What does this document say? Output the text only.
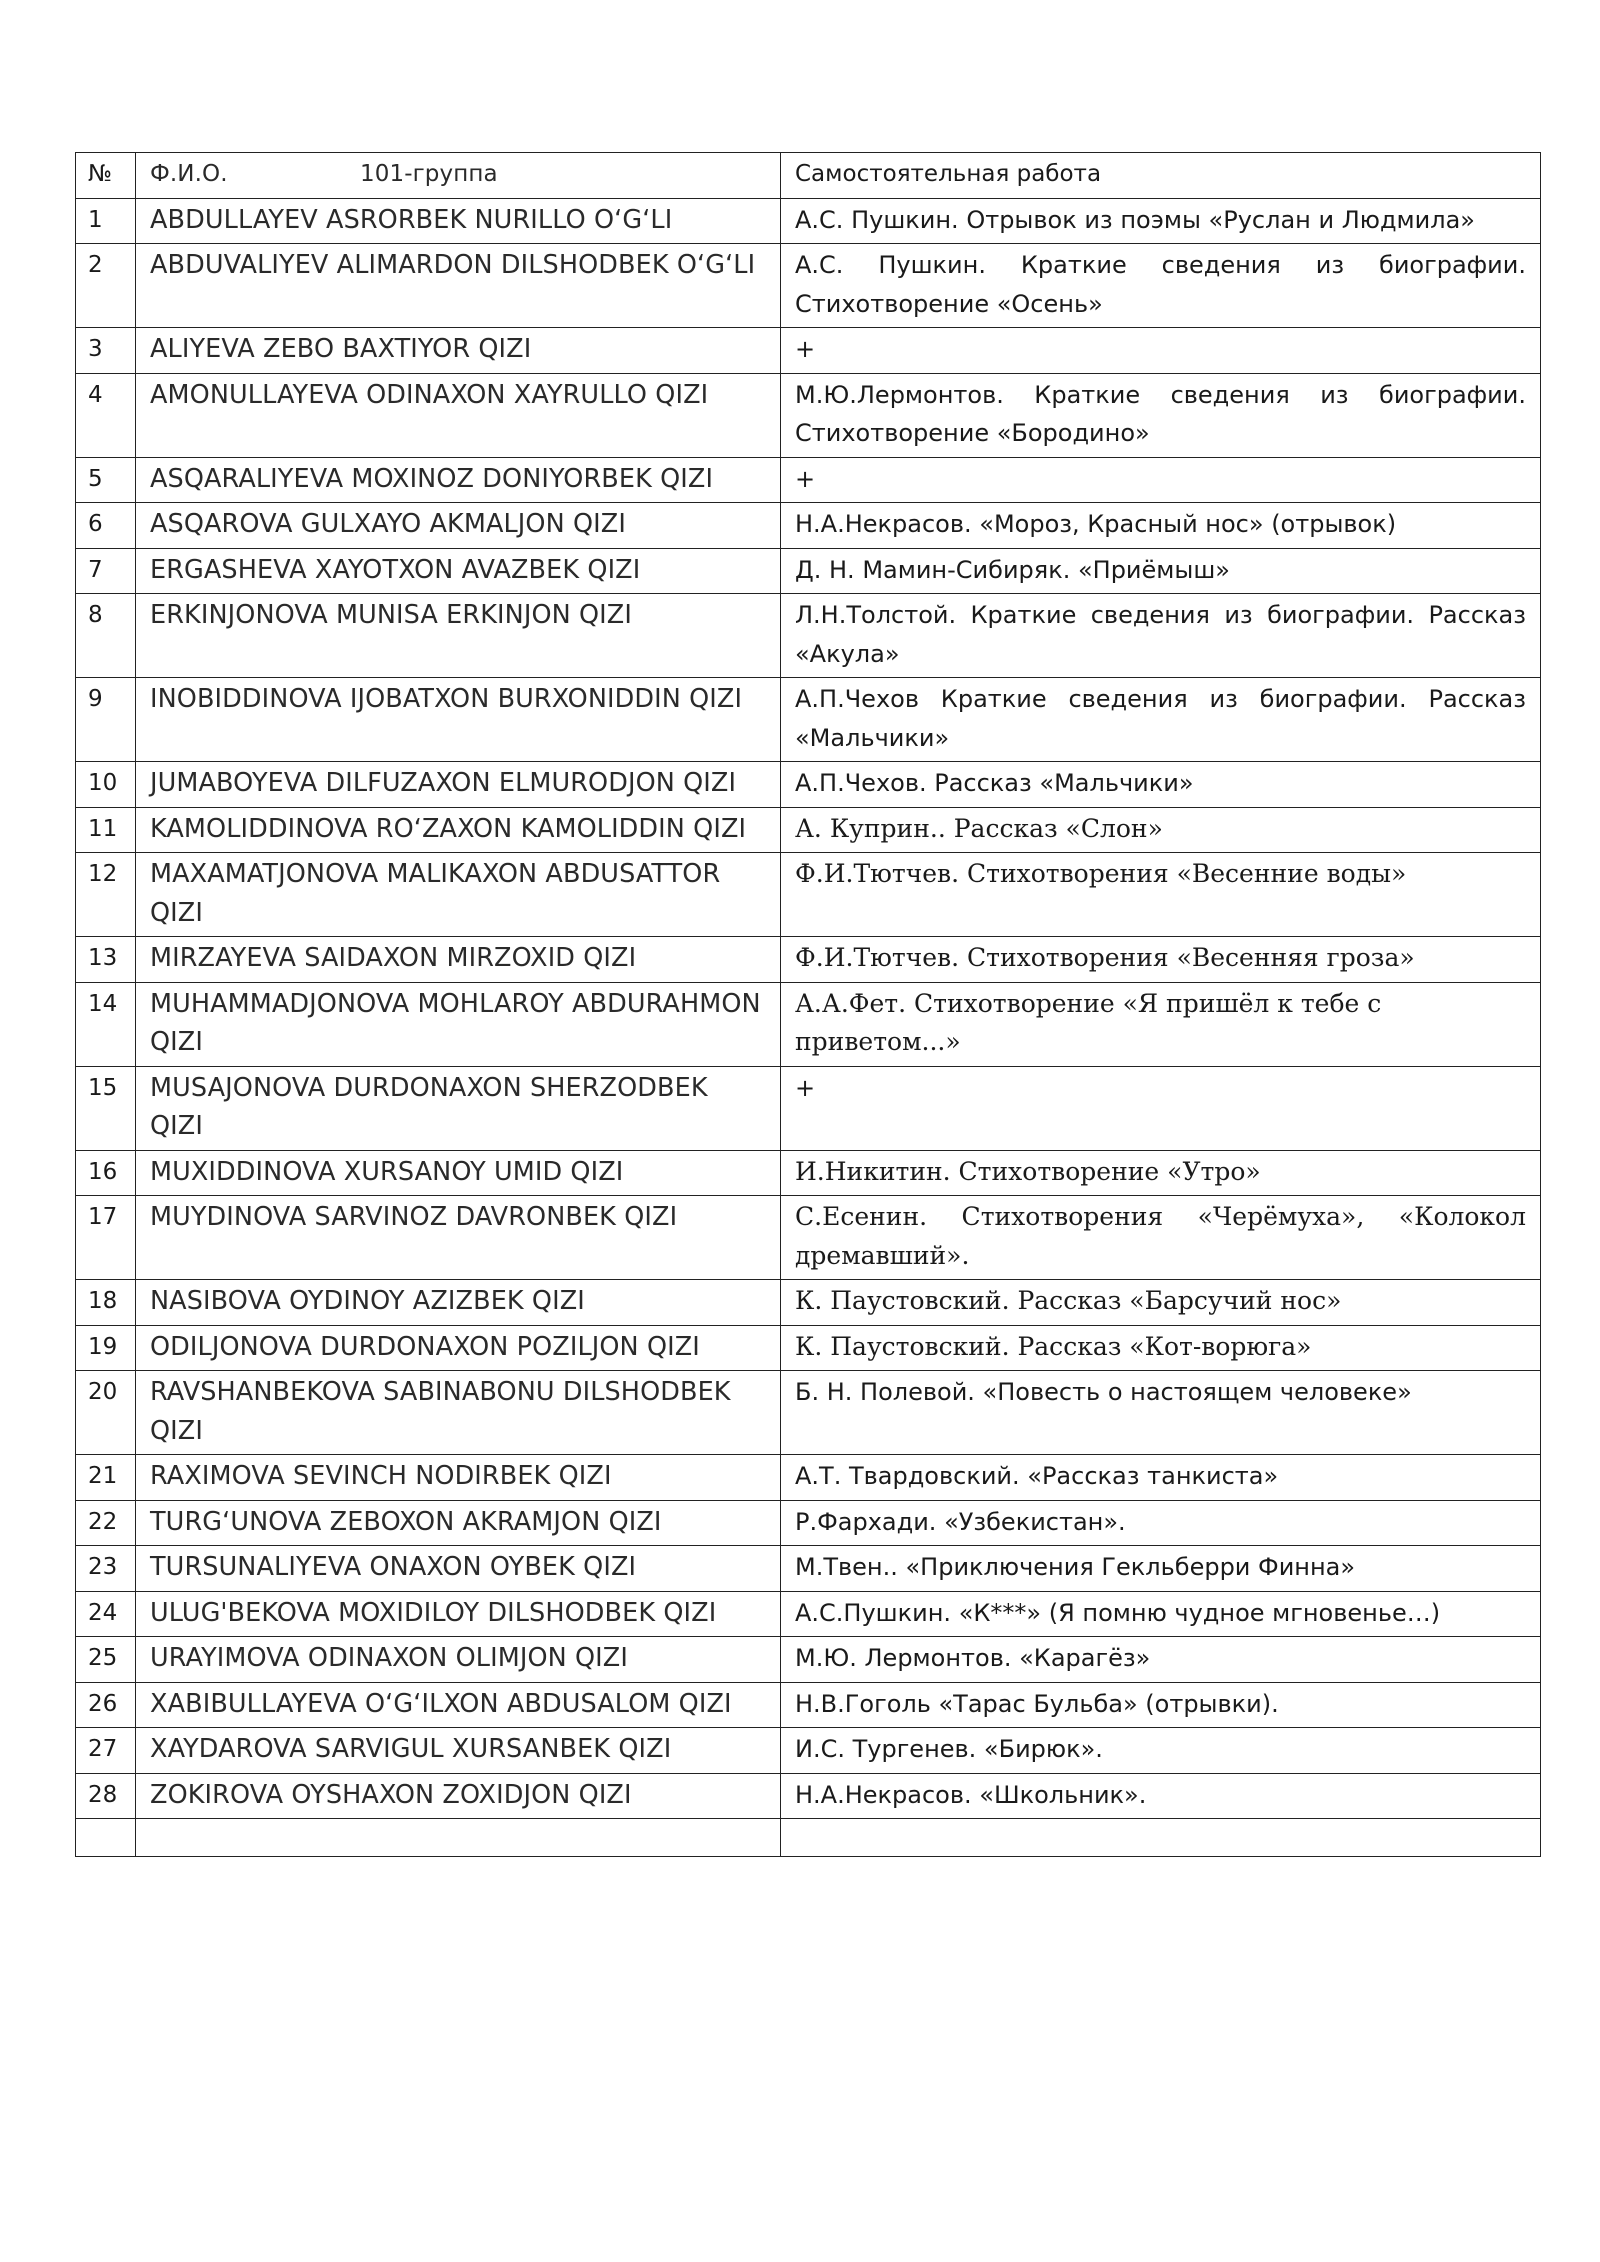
№	Ф.И.О. 101-группа	Самостоятельная работа
1	ABDULLAYEV ASRORBEK NURILLO O‘G‘LI	А.С. Пушкин. Отрывок из поэмы «Руслан и Людмила»
2	ABDUVALIYEV ALIMARDON DILSHODBEK O‘G‘LI	А.С. Пушкин. Краткие сведения из биографии. Стихотворение «Осень»
3	ALIYEVA ZEBO BAXTIYOR QIZI	+
4	AMONULLAYEVA ODINAXON XAYRULLO QIZI	М.Ю.Лермонтов. Краткие сведения из биографии. Стихотворение «Бородино»
5	ASQARALIYEVA MOXINOZ DONIYORBEK QIZI	+
6	ASQAROVA GULXAYO AKMALJON QIZI	Н.А.Некрасов. «Мороз, Красный нос» (отрывок)
7	ERGASHEVA XAYOTXON AVAZBEK QIZI	Д. Н. Мамин-Сибиряк. «Приёмыш»
8	ERKINJONOVA MUNISA ERKINJON QIZI	Л.Н.Толстой. Краткие сведения из биографии. Рассказ «Акула»
9	INOBIDDINOVA IJOBATXON BURXONIDDIN QIZI	А.П.Чехов Краткие сведения из биографии. Рассказ «Мальчики»
10	JUMABOYEVA DILFUZAXON ELMURODJON QIZI	А.П.Чехов. Рассказ «Мальчики»
11	KAMOLIDDINOVA RO‘ZAXON KAMOLIDDIN QIZI	А. Куприн.. Рассказ «Слон»
12	MAXAMATJONOVA MALIKAXON ABDUSATTOR QIZI	Ф.И.Тютчев. Стихотворения «Весенние воды»
13	MIRZAYEVA SAIDAXON MIRZOXID QIZI	Ф.И.Тютчев. Стихотворения «Весенняя гроза»
14	MUHAMMADJONOVA MOHLAROY ABDURAHMON QIZI	А.А.Фет. Стихотворение «Я пришёл к тебе с приветом...»
15	MUSAJONOVA DURDONAXON SHERZODBEK QIZI	+
16	MUXIDDINOVA XURSANOY UMID QIZI	И.Никитин. Стихотворение «Утро»
17	MUYDINOVA SARVINOZ DAVRONBEK QIZI	С.Есенин. Стихотворения «Черёмуха», «Колокол дремавший».
18	NASIBOVA OYDINOY AZIZBEK QIZI	К. Паустовский. Рассказ «Барсучий нос»
19	ODILJONOVA DURDONAXON POZILJON QIZI	К. Паустовский. Рассказ «Кот-ворюга»
20	RAVSHANBEKOVA SABINABONU DILSHODBEK QIZI	Б. Н. Полевой. «Повесть о настоящем человеке»
21	RAXIMOVA SEVINCH NODIRBEK QIZI	А.Т. Твардовский. «Рассказ танкиста»
22	TURG‘UNOVA ZEBOXON AKRAMJON QIZI	Р.Фархади. «Узбекистан».
23	TURSUNALIYEVA ONAXON OYBEK QIZI	М.Твен.. «Приключения Гекльберри Финна»
24	ULUG'BEKOVA MOXIDILOY DILSHODBEK QIZI	А.С.Пушкин. «К***» (Я помню чудное мгновенье…)
25	URAYIMOVA ODINAXON OLIMJON QIZI	М.Ю. Лермонтов. «Карагёз»
26	XABIBULLAYEVA O‘G‘ILXON ABDUSALOM QIZI	Н.В.Гоголь «Тарас Бульба» (отрывки).
27	XAYDAROVA SARVIGUL XURSANBEK QIZI	И.С. Тургенев. «Бирюк».
28	ZOKIROVA OYSHAXON ZOXIDJON QIZI	Н.А.Некрасов. «Школьник».
